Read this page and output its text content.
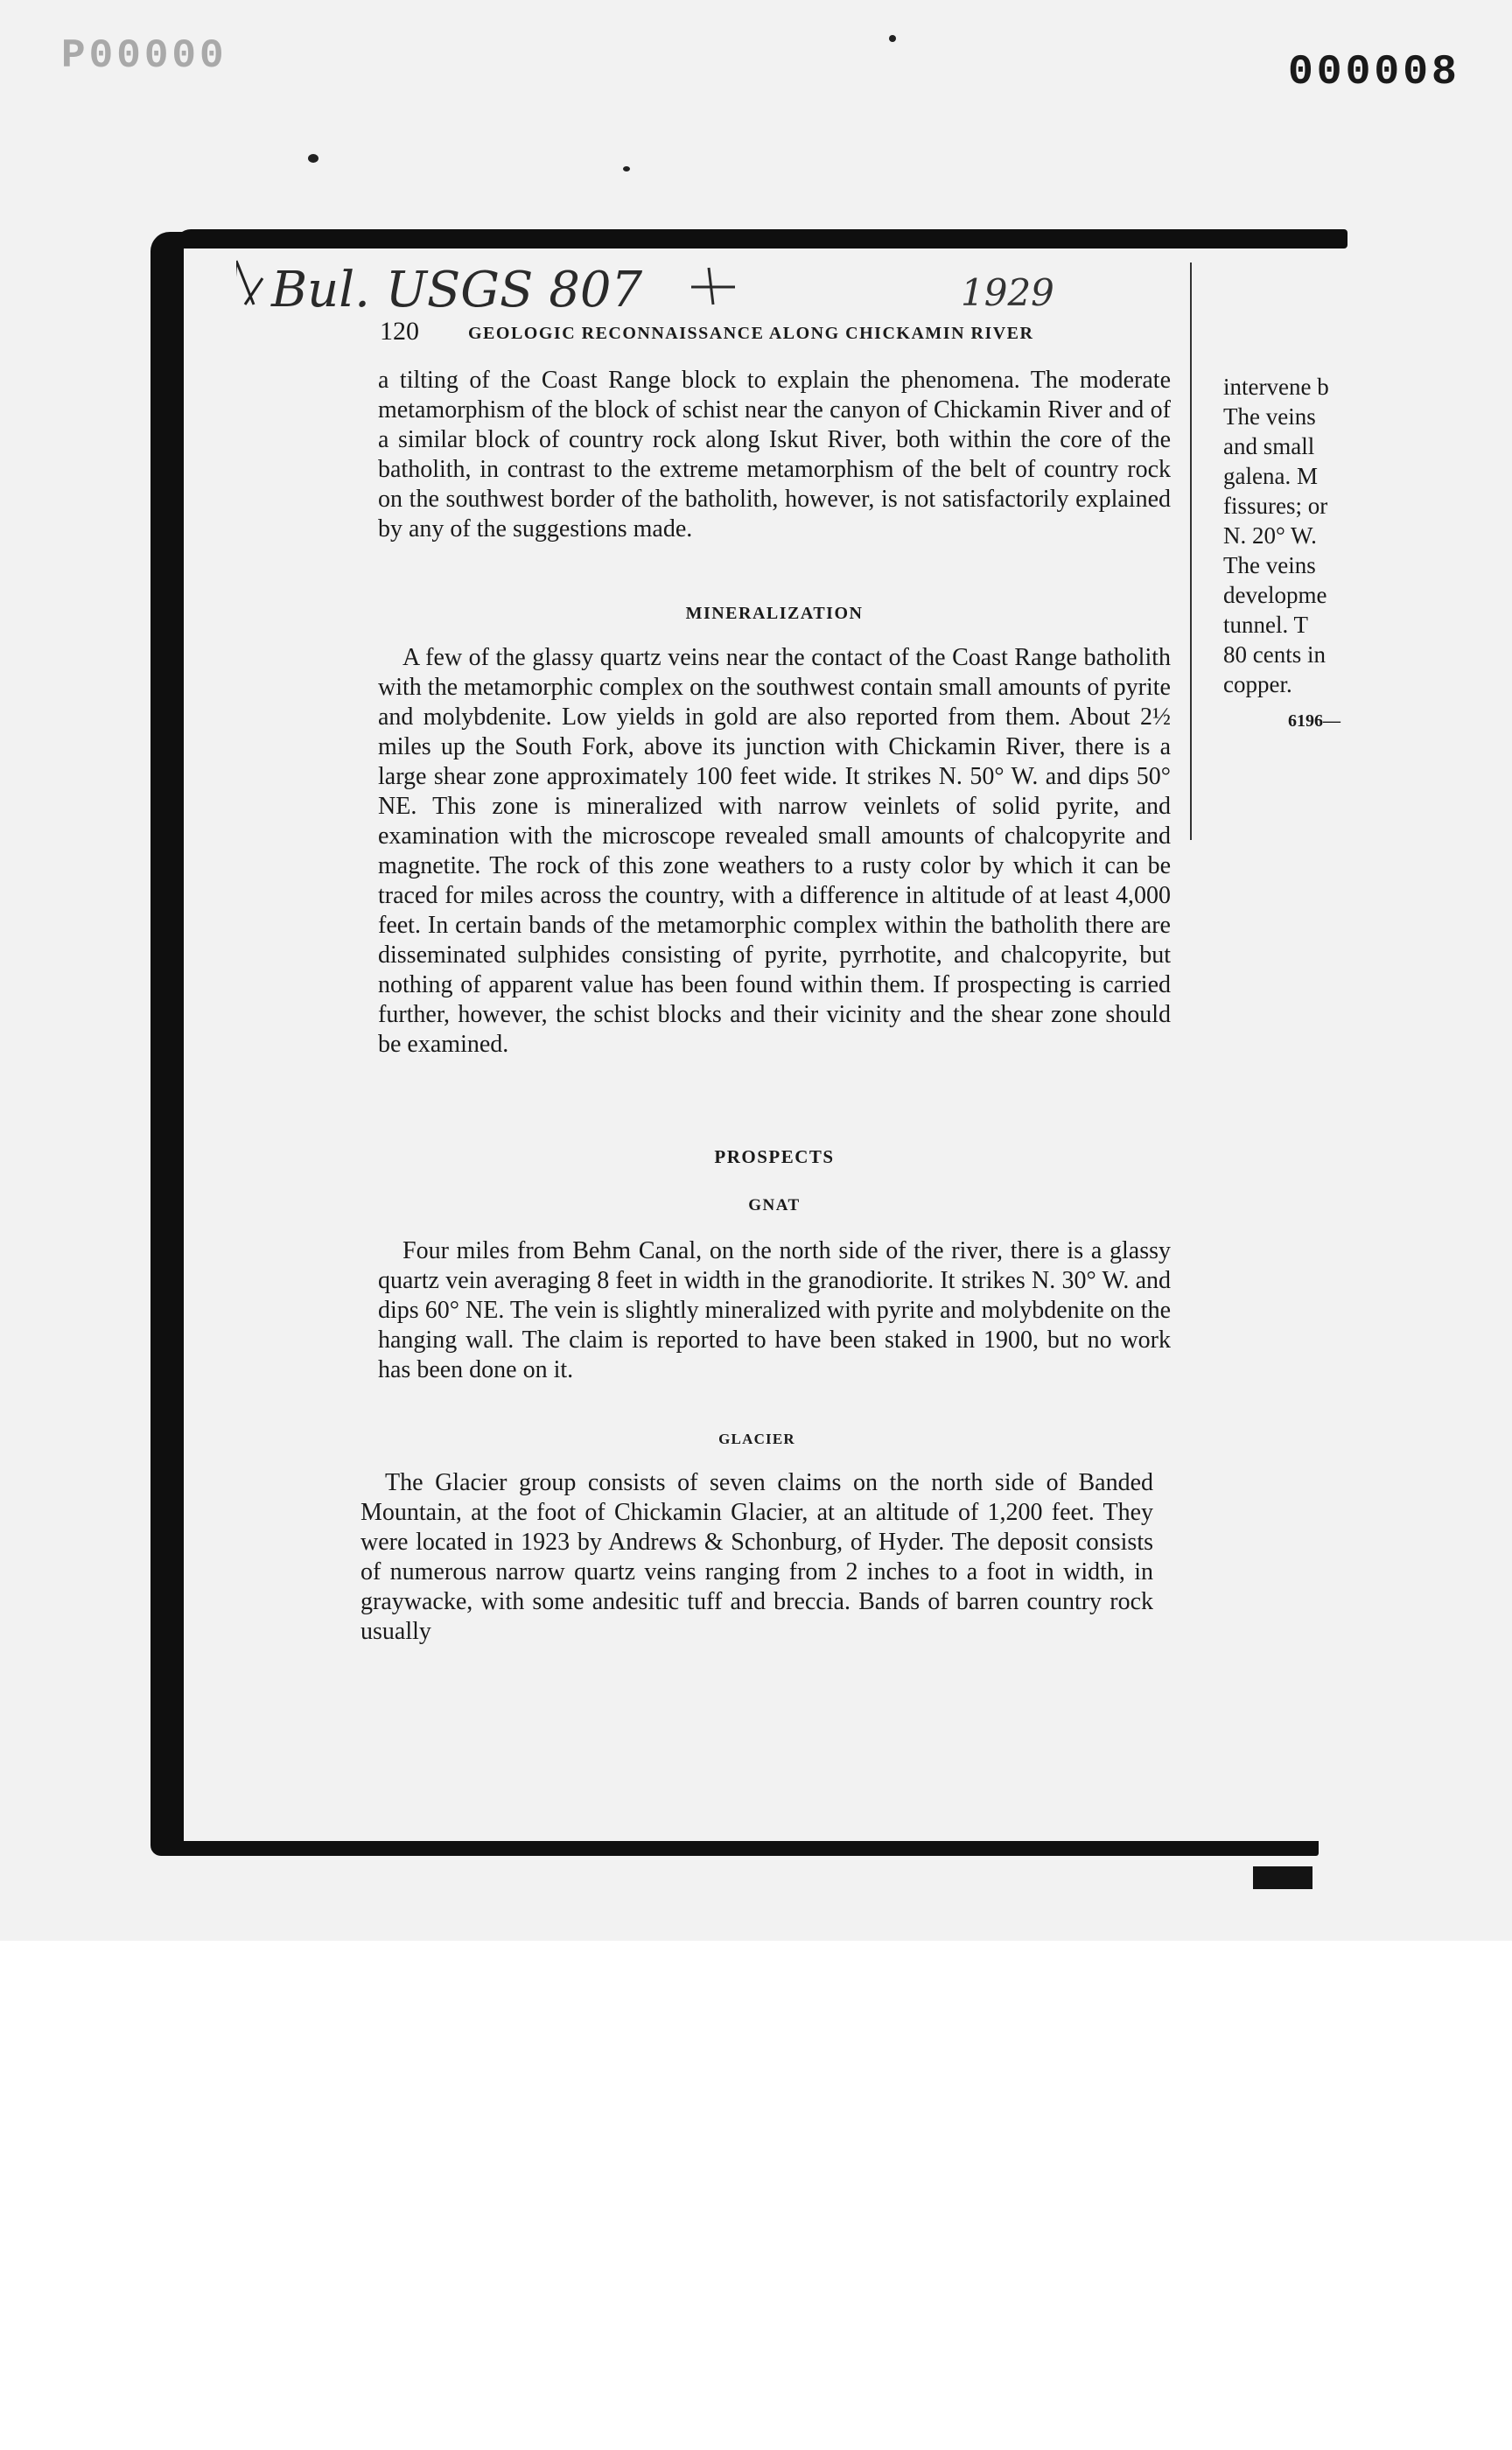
P00000	000008
Bul. USGS 807	1929
120	GEOLOGIC RECONNAISSANCE ALONG CHICKAMIN RIVER

a tilting of the Coast Range block to explain the phenomena. The moderate metamorphism of the block of schist near the canyon of Chickamin River and of a similar block of country rock along Iskut River, both within the core of the batholith, in contrast to the extreme metamorphism of the belt of country rock on the southwest border of the batholith, however, is not satisfactorily explained by any of the suggestions made.

MINERALIZATION

A few of the glassy quartz veins near the contact of the Coast Range batholith with the metamorphic complex on the southwest contain small amounts of pyrite and molybdenite. Low yields in gold are also reported from them. About 2½ miles up the South Fork, above its junction with Chickamin River, there is a large shear zone approximately 100 feet wide. It strikes N. 50° W. and dips 50° NE. This zone is mineralized with narrow veinlets of solid pyrite, and examination with the microscope revealed small amounts of chalcopyrite and magnetite. The rock of this zone weathers to a rusty color by which it can be traced for miles across the country, with a difference in altitude of at least 4,000 feet. In certain bands of the metamorphic complex within the batholith there are disseminated sulphides consisting of pyrite, pyrrhotite, and chalcopyrite, but nothing of apparent value has been found within them. If prospecting is carried further, however, the schist blocks and their vicinity and the shear zone should be examined.

PROSPECTS
GNAT

Four miles from Behm Canal, on the north side of the river, there is a glassy quartz vein averaging 8 feet in width in the granodiorite. It strikes N. 30° W. and dips 60° NE. The vein is slightly mineralized with pyrite and molybdenite on the hanging wall. The claim is reported to have been staked in 1900, but no work has been done on it.

GLACIER

The Glacier group consists of seven claims on the north side of Banded Mountain, at the foot of Chickamin Glacier, at an altitude of 1,200 feet. They were located in 1923 by Andrews & Schonburg, of Hyder. The deposit consists of numerous narrow quartz veins ranging from 2 inches to a foot in width, in graywacke, with some andesitic tuff and breccia. Bands of barren country rock usually

intervene b
The veins
and small
galena. M
fissures; or
N. 20° W.
The veins
developme
tunnel. T
80 cents in
copper.
6196—
